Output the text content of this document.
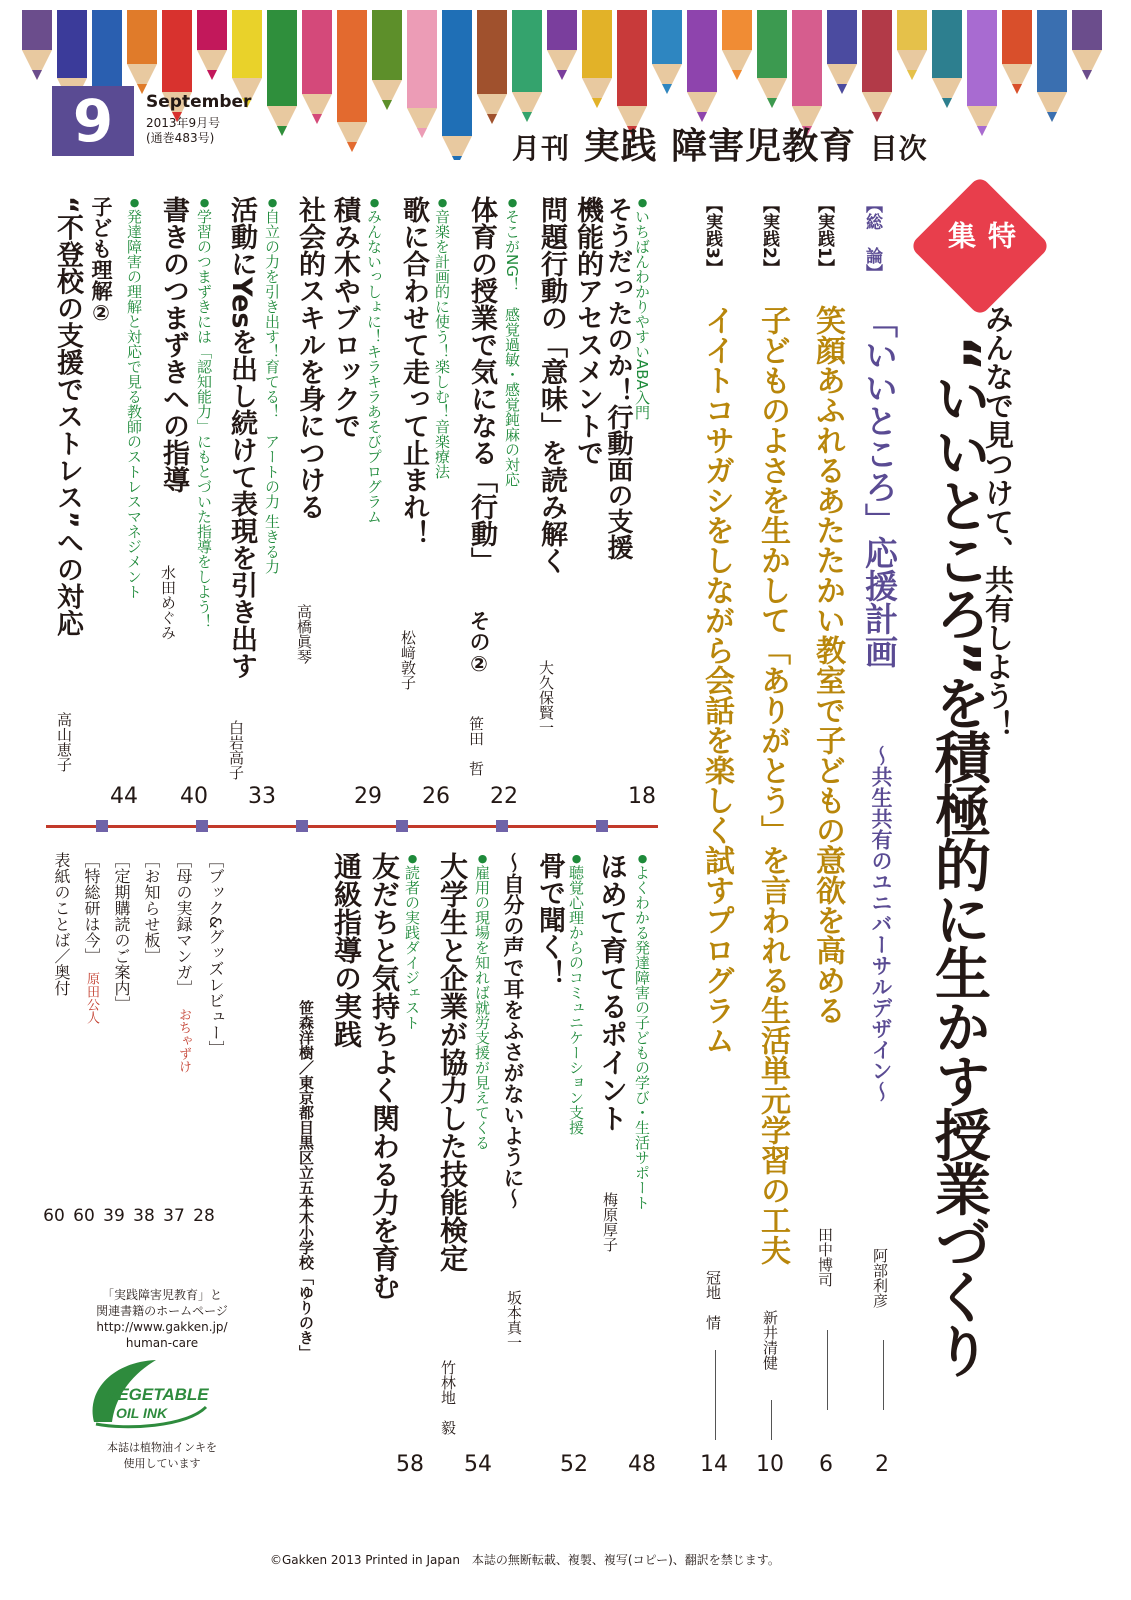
9	September
2013年9月号
(通巻483号)	月刊 実践 障害児教育 目次
特集
みんなで見つけて、共有しよう！
“いいところ”を積極的に生かす授業づくり
【総　論】
「いいところ」応援計画
〜共生共有のユニバーサルデザイン〜
阿部利彦
2
【実践1】
笑顔あふれるあたたかい教室で子どもの意欲を高める
田中博司
6
【実践2】
子どものよさを生かして「ありがとう」を言われる生活単元学習の工夫
新井清健
10
【実践3】
イイトコサガシをしながら会話を楽しく試すプログラム
冠地　情
14
● いちばんわかりやすいABA入門
そうだったのか！行動面の支援
機能的アセスメントで
問題行動の「意味」を読み解く
大久保賢一
18
● そこがNG！　感覚過敏・感覚鈍麻の対応
体育の授業で気になる「行動」
その②
笹田　哲
22
● 音楽を計画的に使う！楽しむ！音楽療法
歌に合わせて走って止まれ！
松﨑敦子
26
● みんないっしょに！キラキラあそびプログラム
積み木やブロックで
社会的スキルを身につける
高橋眞琴
29
● 自立の力を引き出す！育てる！　アートの力 生きる力
活動にYesを出し続けて表現を引き出す
白岩高子
33
● 学習のつまずきには「認知能力」にもとづいた指導をしよう！
書きのつまずきへの指導
水田めぐみ
40
● 発達障害の理解と対応で見る教師のストレスマネジメント
子ども理解②
“不登校の支援でストレス”への対応
高山恵子
44
● よくわかる発達障害の子どもの学び・生活サポート
ほめて育てるポイント
梅原厚子
48
● 聴覚心理からのコミュニケーション支援
骨で聞く！
〜自分の声で耳をふさがないように〜
坂本真一
52
● 雇用の現場を知れば就労支援が見えてくる
大学生と企業が協力した技能検定
竹林地　毅
54
● 読者の実践ダイジェスト
友だちと気持ちよく関わる力を育む
通級指導の実践
笹森洋樹／東京都目黒区立五本木小学校「ゆりのき」
58
［ブック&グッズレビュー］
28
［母の実録マンガ］
おちゃずけ
37
［お知らせ板］
38
［定期購読のご案内］
39
［特総研は今］
原田公人
60
表紙のことば／奥付
60
「実践障害児教育」と
関連書籍のホームページ
http://www.gakken.jp/
human-care
VEGETABLE
OIL INK
本誌は植物油インキを
使用しています
©Gakken 2013 Printed in Japan　本誌の無断転載、複製、複写(コピー)、翻訳を禁じます。
